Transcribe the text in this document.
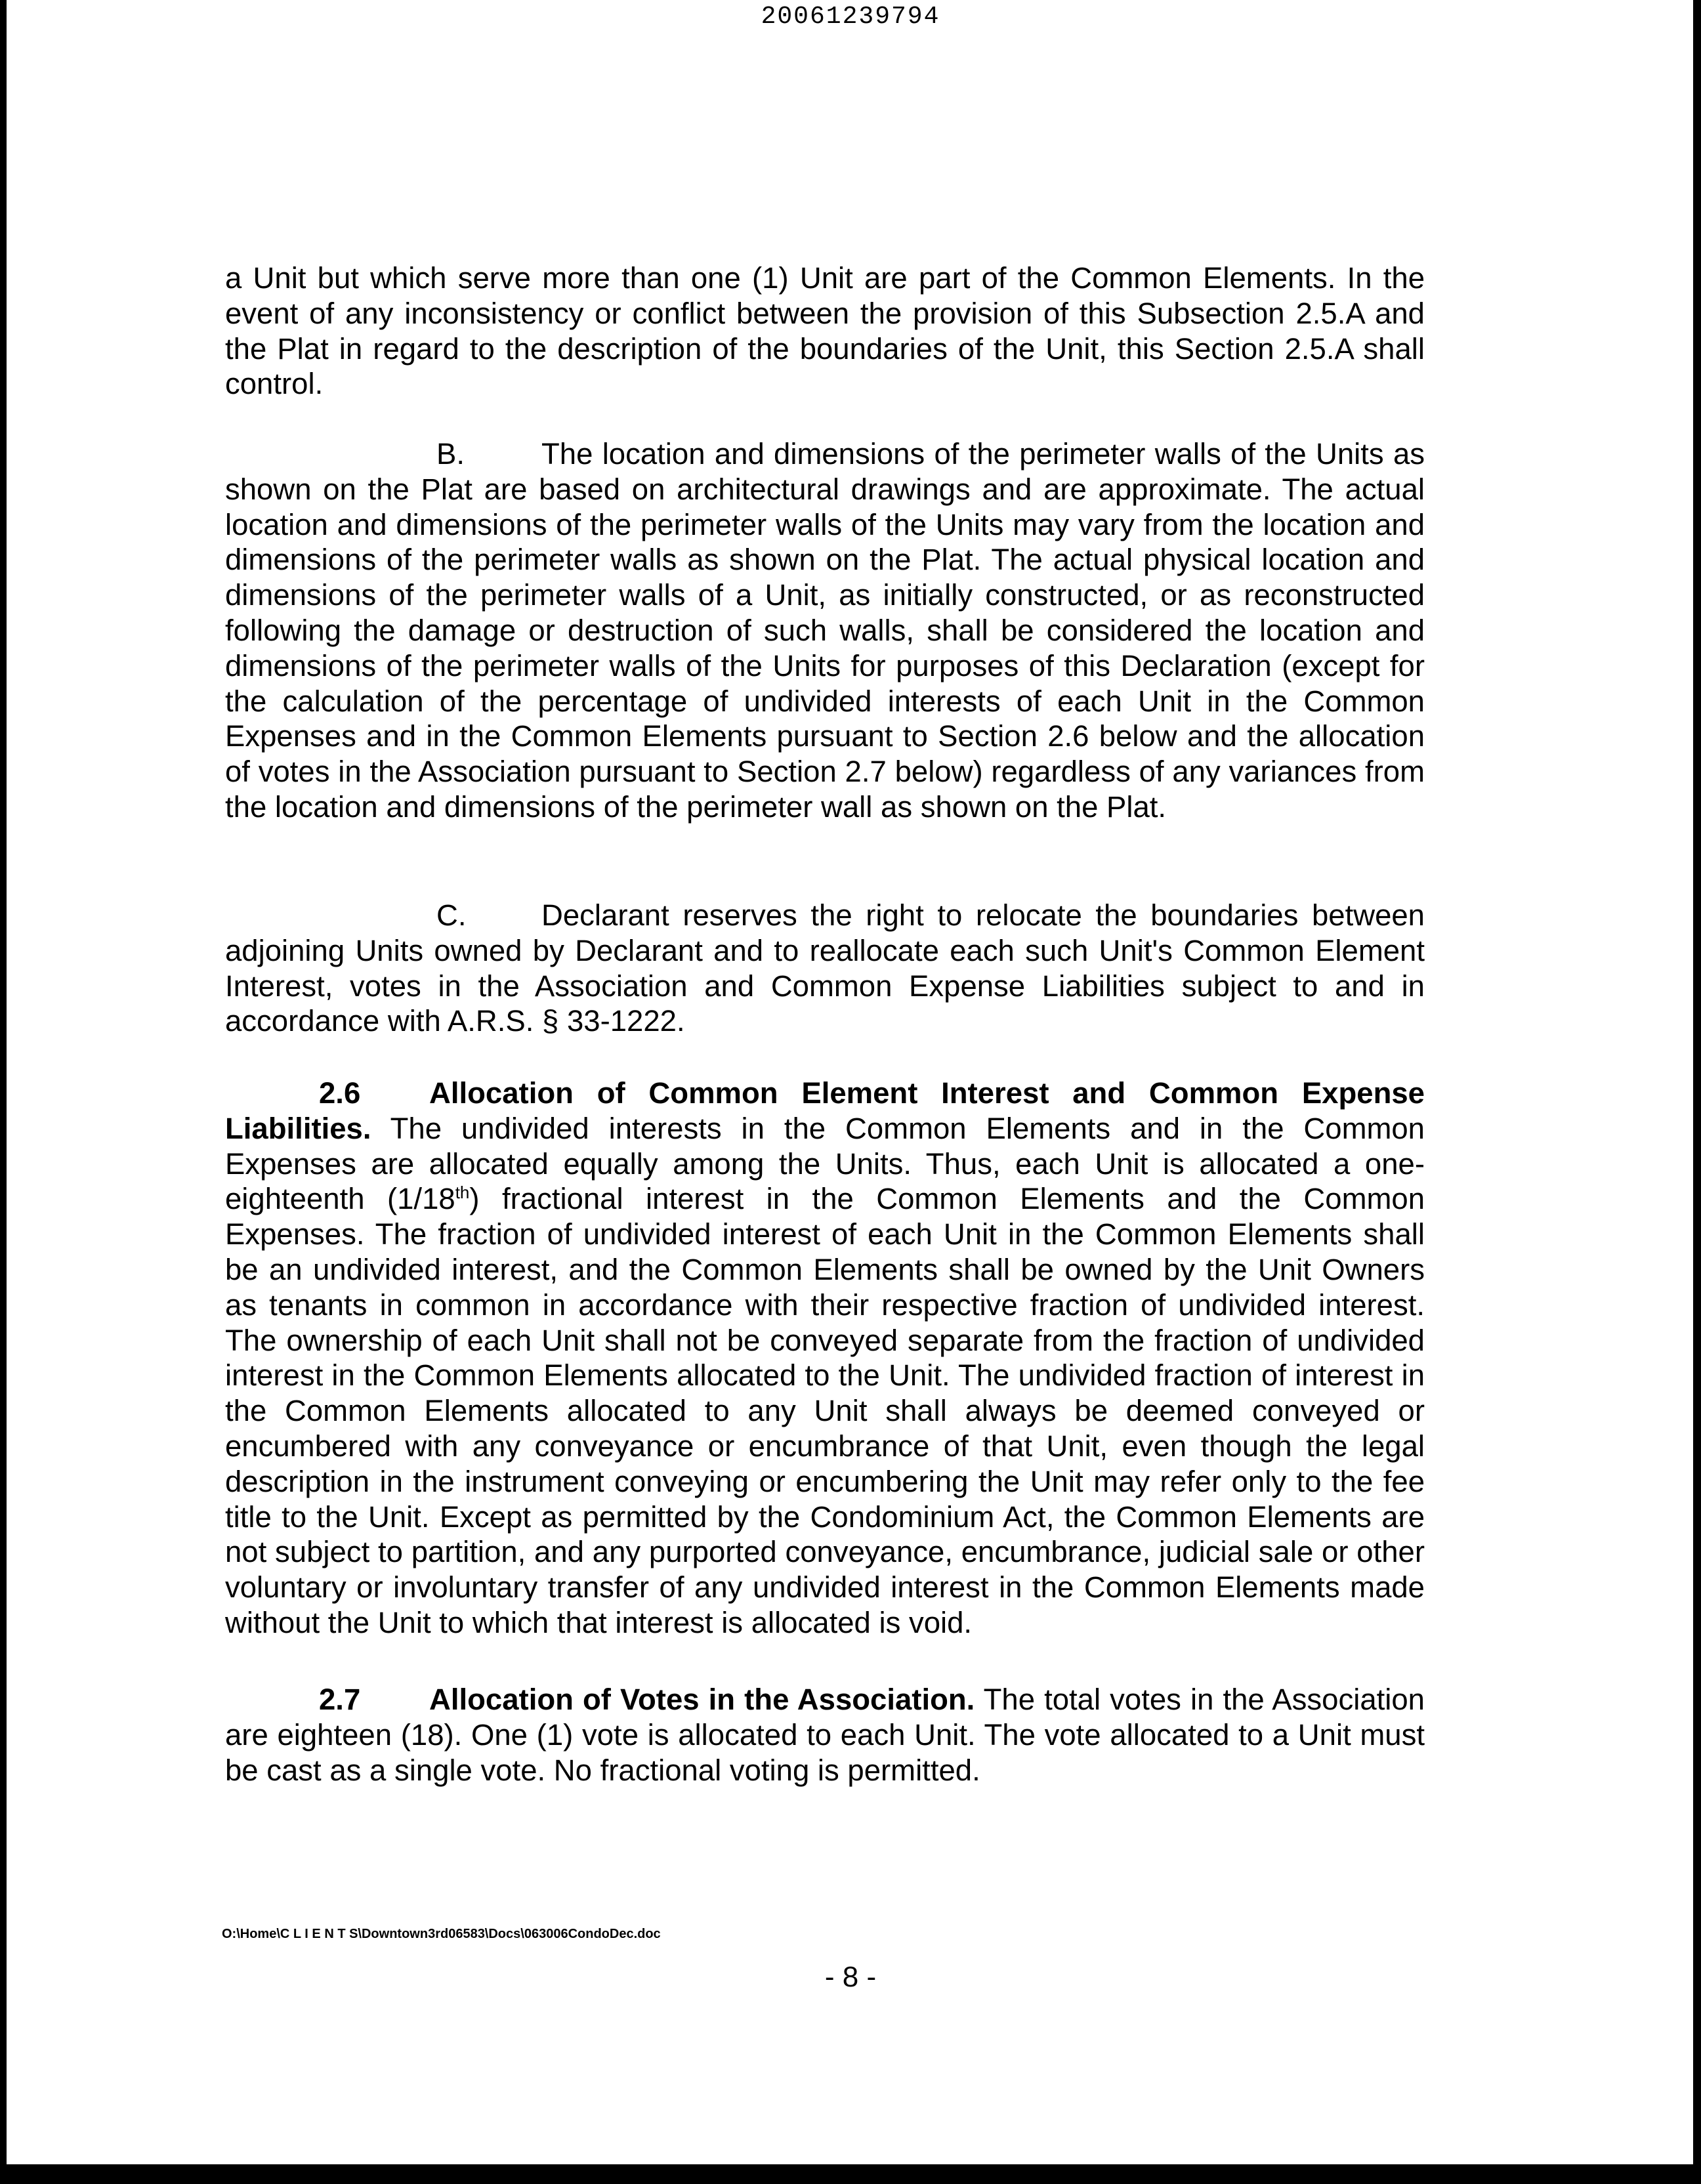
20061239794

a Unit but which serve more than one (1) Unit are part of the Common Elements. In the event of any inconsistency or conflict between the provision of this Subsection 2.5.A and the Plat in regard to the description of the boundaries of the Unit, this Section 2.5.A shall control.

B.	The location and dimensions of the perimeter walls of the Units as shown on the Plat are based on architectural drawings and are approximate. The actual location and dimensions of the perimeter walls of the Units may vary from the location and dimensions of the perimeter walls as shown on the Plat. The actual physical location and dimensions of the perimeter walls of a Unit, as initially constructed, or as reconstructed following the damage or destruction of such walls, shall be considered the location and dimensions of the perimeter walls of the Units for purposes of this Declaration (except for the calculation of the percentage of undivided interests of each Unit in the Common Expenses and in the Common Elements pursuant to Section 2.6 below and the allocation of votes in the Association pursuant to Section 2.7 below) regardless of any variances from the location and dimensions of the perimeter wall as shown on the Plat.

C.	Declarant reserves the right to relocate the boundaries between adjoining Units owned by Declarant and to reallocate each such Unit's Common Element Interest, votes in the Association and Common Expense Liabilities subject to and in accordance with A.R.S. § 33-1222.

2.6 Allocation of Common Element Interest and Common Expense Liabilities. The undivided interests in the Common Elements and in the Common Expenses are allocated equally among the Units. Thus, each Unit is allocated a one-eighteenth (1/18th) fractional interest in the Common Elements and the Common Expenses. The fraction of undivided interest of each Unit in the Common Elements shall be an undivided interest, and the Common Elements shall be owned by the Unit Owners as tenants in common in accordance with their respective fraction of undivided interest. The ownership of each Unit shall not be conveyed separate from the fraction of undivided interest in the Common Elements allocated to the Unit. The undivided fraction of interest in the Common Elements allocated to any Unit shall always be deemed conveyed or encumbered with any conveyance or encumbrance of that Unit, even though the legal description in the instrument conveying or encumbering the Unit may refer only to the fee title to the Unit. Except as permitted by the Condominium Act, the Common Elements are not subject to partition, and any purported conveyance, encumbrance, judicial sale or other voluntary or involuntary transfer of any undivided interest in the Common Elements made without the Unit to which that interest is allocated is void.

2.7 Allocation of Votes in the Association. The total votes in the Association are eighteen (18). One (1) vote is allocated to each Unit. The vote allocated to a Unit must be cast as a single vote. No fractional voting is permitted.

O:\Home\C L I E N T S\Downtown3rd06583\Docs\063006CondoDec.doc
- 8 -
